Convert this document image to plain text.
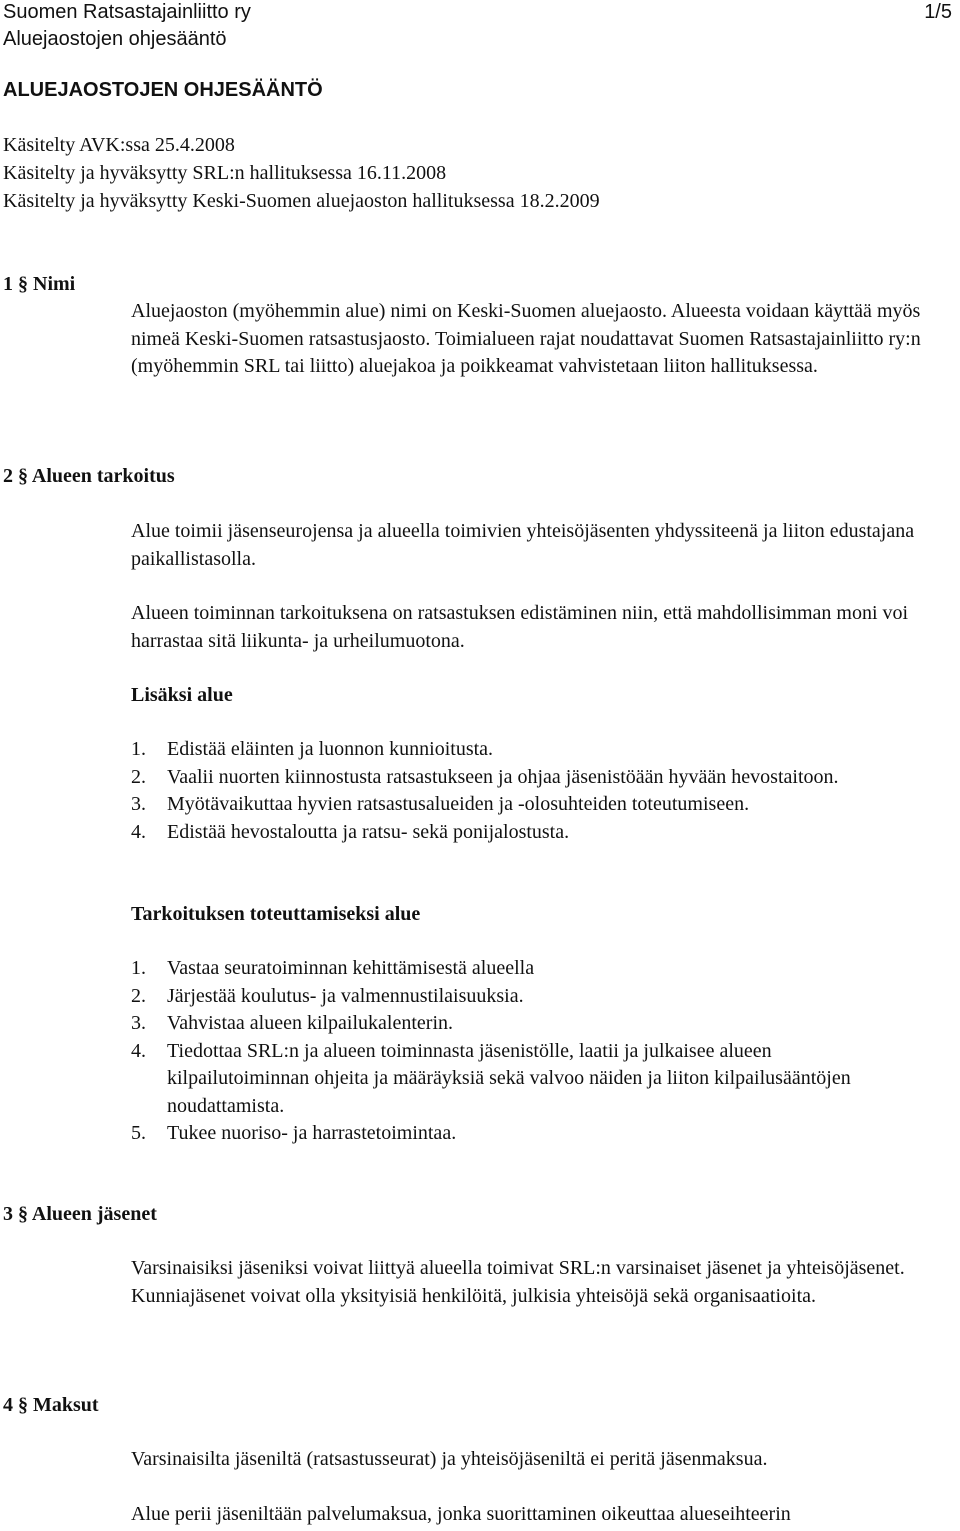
Suomen Ratsastajainliitto ry
Aluejaostojen ohjesääntö
1/5
ALUEJAOSTOJEN OHJESÄÄNTÖ
Käsitelty AVK:ssa 25.4.2008
Käsitelty ja hyväksytty SRL:n hallituksessa 16.11.2008
Käsitelty ja hyväksytty Keski-Suomen aluejaoston hallituksessa 18.2.2009
1 § Nimi

Aluejaoston (myöhemmin alue) nimi on Keski-Suomen aluejaosto. Alueesta voidaan käyttää myös nimeä Keski-Suomen ratsastusjaosto. Toimialueen rajat noudattavat Suomen Ratsastajainliitto ry:n (myöhemmin SRL tai liitto) aluejakoa ja poikkeamat vahvistetaan liiton hallituksessa.

2 § Alueen tarkoitus

Alue toimii jäsenseurojensa ja alueella toimivien yhteisöjäsenten yhdyssiteenä ja liiton edustajana paikallistasolla.

Alueen toiminnan tarkoituksena on ratsastuksen edistäminen niin, että mahdollisimman moni voi harrastaa sitä liikunta- ja urheilumuotona.

Lisäksi alue
1. Edistää eläinten ja luonnon kunnioitusta.
2. Vaalii nuorten kiinnostusta ratsastukseen ja ohjaa jäsenistöään hyvään hevostaitoon.
3. Myötävaikuttaa hyvien ratsastusalueiden ja -olosuhteiden toteutumiseen.
4. Edistää hevostaloutta ja ratsu- sekä ponijalostusta.
Tarkoituksen toteuttamiseksi alue
1. Vastaa seuratoiminnan kehittämisestä alueella
2. Järjestää koulutus- ja valmennustilaisuuksia.
3. Vahvistaa alueen kilpailukalenterin.
4. Tiedottaa SRL:n ja alueen toiminnasta jäsenistölle, laatii ja julkaisee alueen kilpailutoiminnan ohjeita ja määräyksiä sekä valvoo näiden ja liiton kilpailusääntöjen noudattamista.
5. Tukee nuoriso- ja harrastetoimintaa.
3 § Alueen jäsenet

Varsinaisiksi jäseniksi voivat liittyä alueella toimivat SRL:n varsinaiset jäsenet ja yhteisöjäsenet. Kunniajäsenet voivat olla yksityisiä henkilöitä, julkisia yhteisöjä sekä organisaatioita.

4 § Maksut

Varsinaisilta jäseniltä (ratsastusseurat) ja yhteisöjäseniltä ei peritä jäsenmaksua.

Alue perii jäseniltään palvelumaksua, jonka suorittaminen oikeuttaa alueseihteerin
